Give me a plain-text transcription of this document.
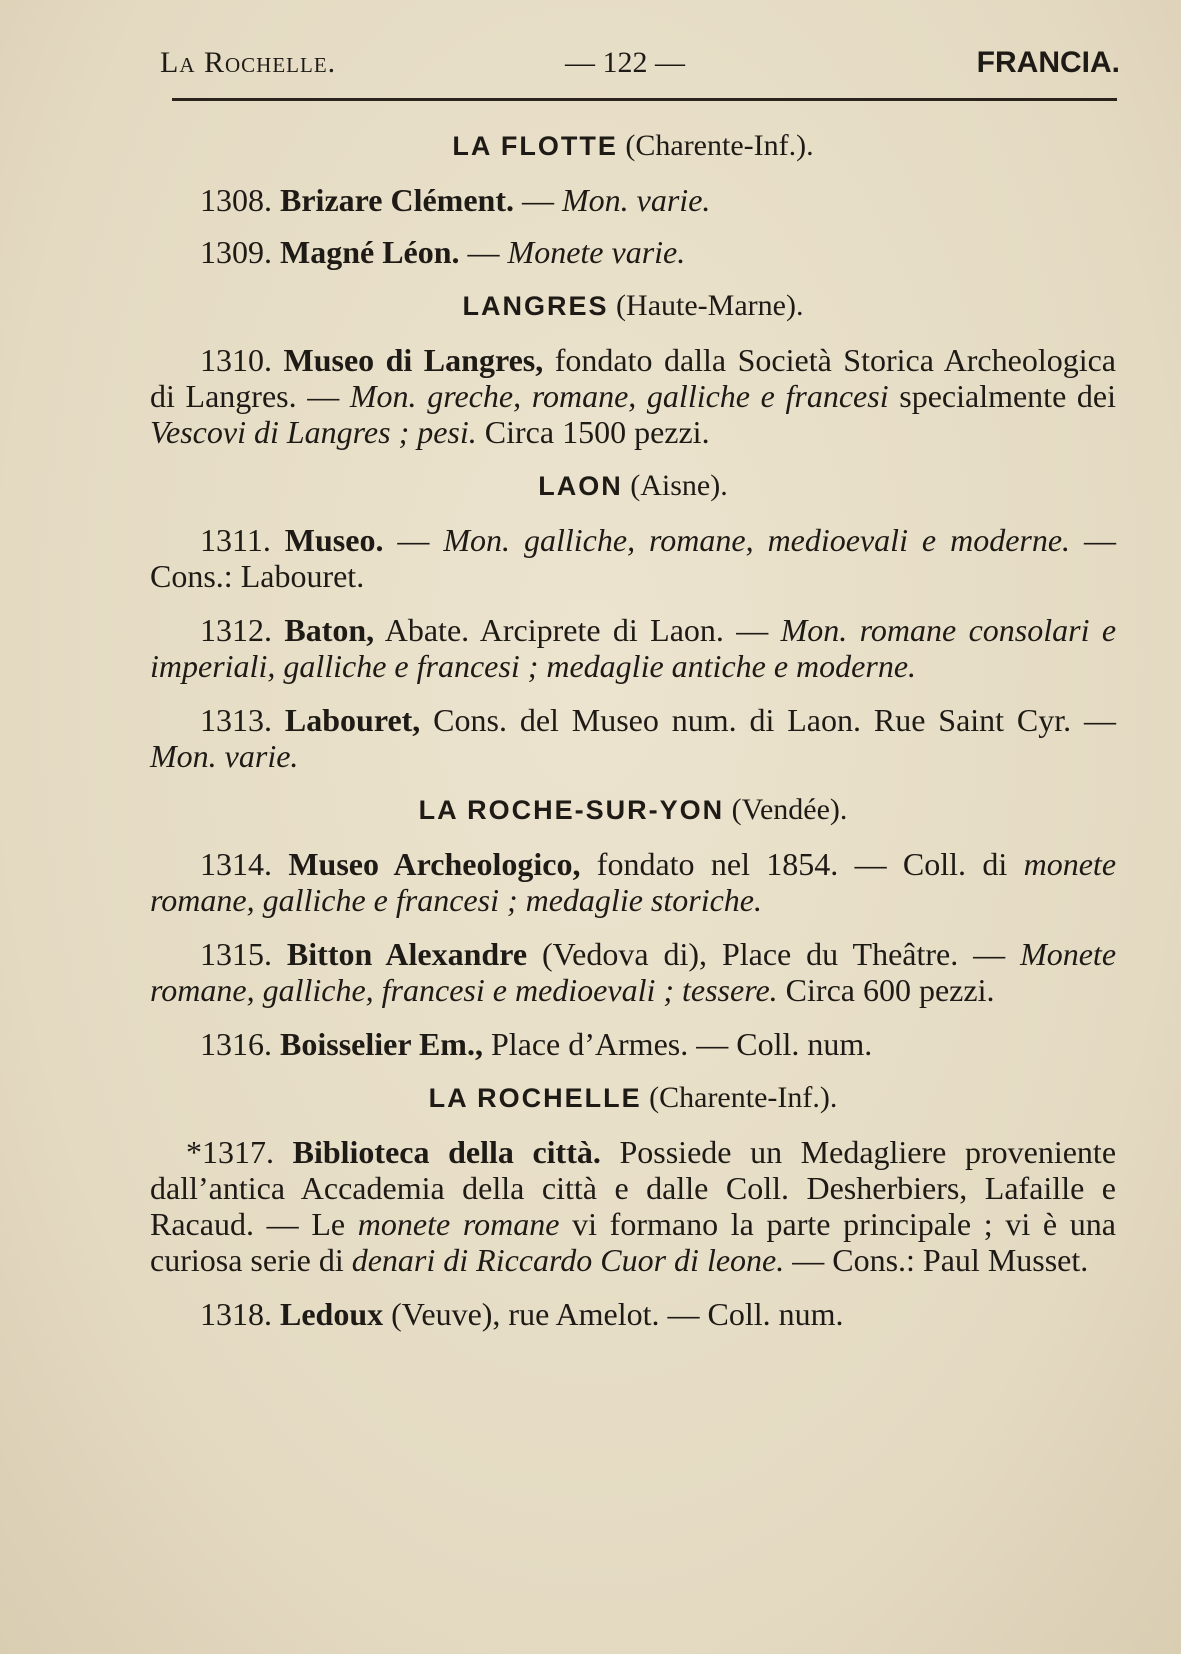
La Rochelle.	— 122 —	FRANCIA.
LA FLOTTE (Charente-Inf.).
1308. Brizare Clément. — Mon. varie.
1309. Magné Léon. — Monete varie.
LANGRES (Haute-Marne).
1310. Museo di Langres, fondato dalla Società Storica Archeologica di Langres. — Mon. greche, romane, galliche e francesi specialmente dei Vescovi di Langres ; pesi. Circa 1500 pezzi.
LAON (Aisne).
1311. Museo. — Mon. galliche, romane, medioevali e moderne. — Cons.: Labouret.
1312. Baton, Abate. Arciprete di Laon. — Mon. romane consolari e imperiali, galliche e francesi ; medaglie antiche e moderne.
1313. Labouret, Cons. del Museo num. di Laon. Rue Saint Cyr. — Mon. varie.
LA ROCHE-SUR-YON (Vendée).
1314. Museo Archeologico, fondato nel 1854. — Coll. di monete romane, galliche e francesi ; medaglie storiche.
1315. Bitton Alexandre (Vedova di), Place du Theâtre. — Monete romane, galliche, francesi e medioevali ; tessere. Circa 600 pezzi.
1316. Boisselier Em., Place d’Armes. — Coll. num.
LA ROCHELLE (Charente-Inf.).
*1317. Biblioteca della città. Possiede un Medagliere proveniente dall’antica Accademia della città e dalle Coll. Desherbiers, Lafaille e Racaud. — Le monete romane vi formano la parte principale ; vi è una curiosa serie di denari di Riccardo Cuor di leone. — Cons.: Paul Musset.
1318. Ledoux (Veuve), rue Amelot. — Coll. num.
